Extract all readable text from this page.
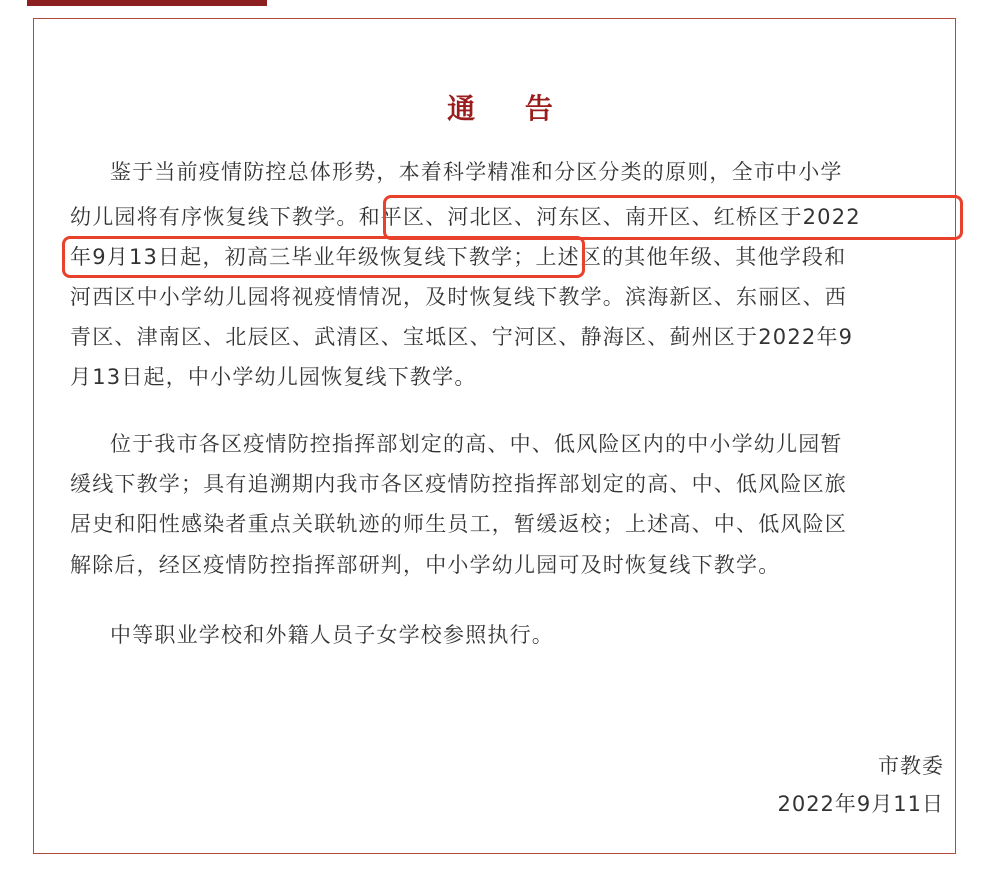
通 告

鉴于当前疫情防控总体形势，本着科学精准和分区分类的原则，全市中小学

幼儿园将有序恢复线下教学。和平区、河北区、河东区、南开区、红桥区于2022

年9月13日起，初高三毕业年级恢复线下教学；上述区的其他年级、其他学段和

河西区中小学幼儿园将视疫情情况，及时恢复线下教学。滨海新区、东丽区、西

青区、津南区、北辰区、武清区、宝坻区、宁河区、静海区、蓟州区于2022年9

月13日起，中小学幼儿园恢复线下教学。

位于我市各区疫情防控指挥部划定的高、中、低风险区内的中小学幼儿园暂

缓线下教学；具有追溯期内我市各区疫情防控指挥部划定的高、中、低风险区旅

居史和阳性感染者重点关联轨迹的师生员工，暂缓返校；上述高、中、低风险区

解除后，经区疫情防控指挥部研判，中小学幼儿园可及时恢复线下教学。

中等职业学校和外籍人员子女学校参照执行。

市教委

2022年9月11日
